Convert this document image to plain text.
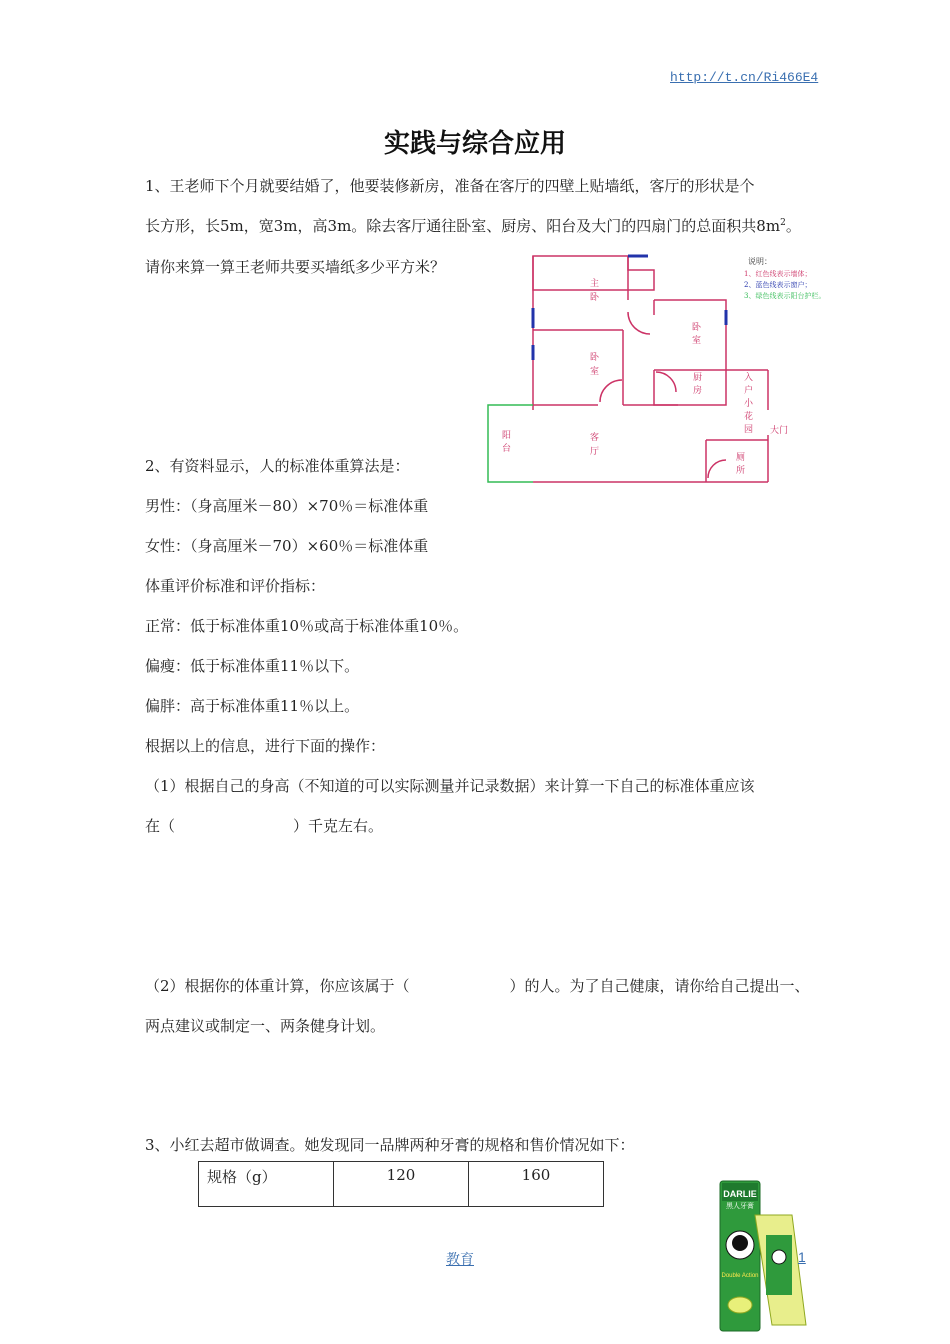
http://t.cn/Ri466E4
实践与综合应用
1、王老师下个月就要结婚了，他要装修新房，准备在客厅的四壁上贴墙纸，客厅的形状是个
长方形，长5m，宽3m，高3m。除去客厅通往卧室、厨房、阳台及大门的四扇门的总面积共$8m^2$。
请你来算一算王老师共要买墙纸多少平方米？	说明：
1、红色线表示墙体；
2、蓝色线表示窗户；
3、绿色线表示阳台护栏。
主
卧
卧
室
卧
室
厨
房
入
户
小
花
园 大门
阳
台
客
厅
厕
所
2、有资料显示，人的标准体重算法是：
男性：（身高厘米－80）×70％＝标准体重
女性：（身高厘米－70）×60％＝标准体重
体重评价标准和评价指标：
正常：低于标准体重10％或高于标准体重10％。
偏瘦：低于标准体重11％以下。
偏胖：高于标准体重11％以上。
根据以上的信息，进行下面的操作：
（1）根据自己的身高（不知道的可以实际测量并记录数据）来计算一下自己的标准体重应该
在（	）千克左右。
（2）根据你的体重计算，你应该属于（	）的人。为了自己健康，请你给自己提出一、
两点建议或制定一、两条健身计划。
3、小红去超市做调查。她发现同一品牌两种牙膏的规格和售价情况如下：
规格（g）	120	160
DARLIE
黑人牙膏
Double Action
教育	1
